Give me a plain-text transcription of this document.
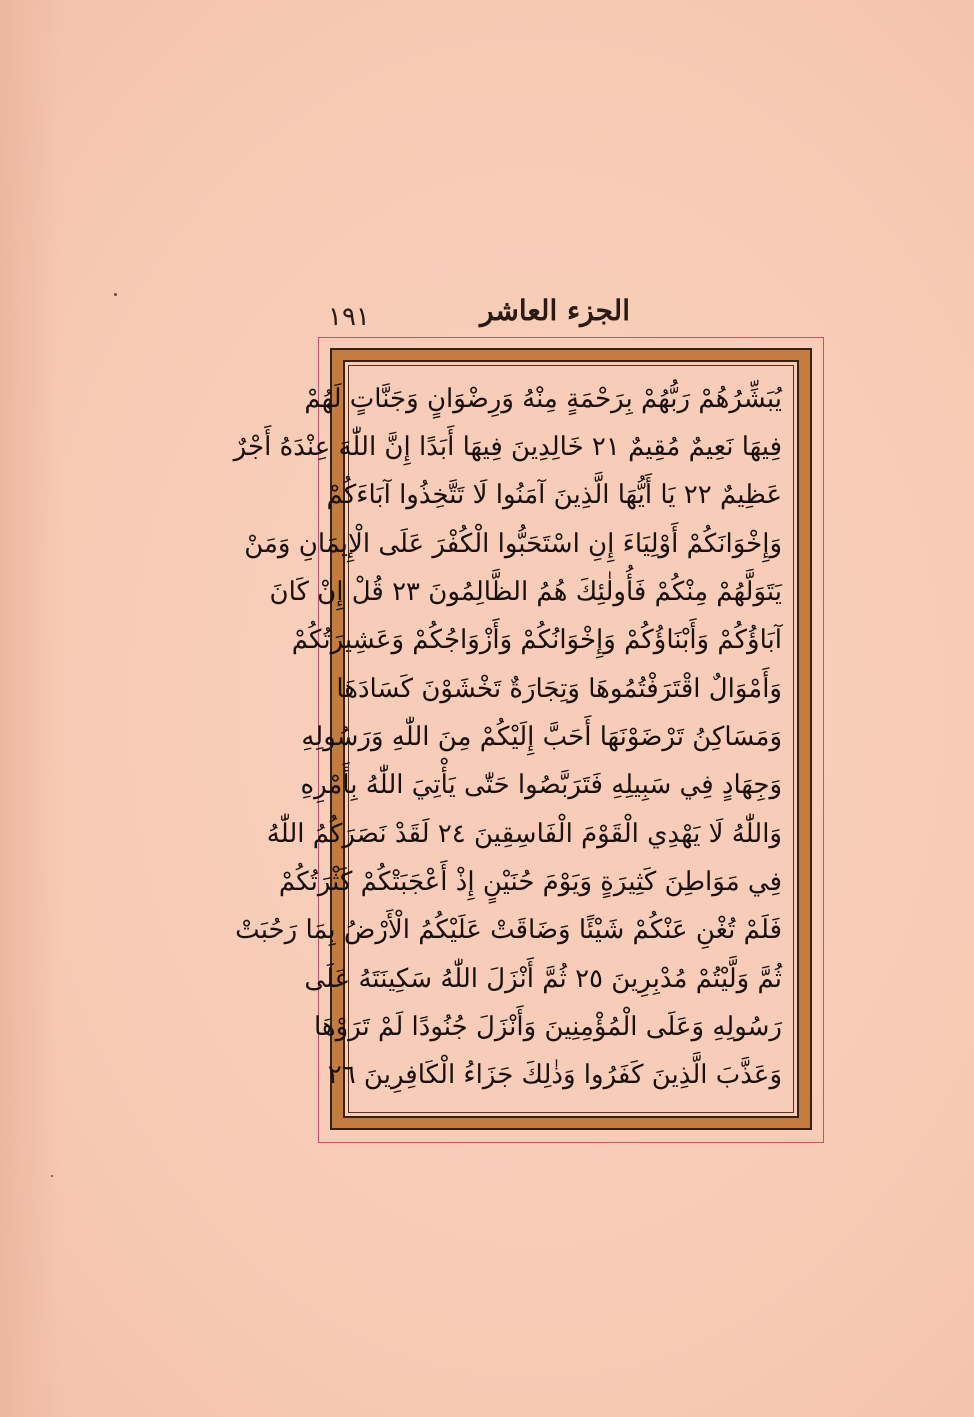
١٩١	الجزء العاشر
يُبَشِّرُهُمْ رَبُّهُمْ بِرَحْمَةٍ مِنْهُ وَرِضْوَانٍ وَجَنَّاتٍ لَهُمْ
فِيهَا نَعِيمٌ مُقِيمٌ ٢١ خَالِدِينَ فِيهَا أَبَدًا إِنَّ اللّٰهَ عِنْدَهُ أَجْرٌ
عَظِيمٌ ٢٢ يَا أَيُّهَا الَّذِينَ آمَنُوا لَا تَتَّخِذُوا آبَاءَكُمْ
وَإِخْوَانَكُمْ أَوْلِيَاءَ إِنِ اسْتَحَبُّوا الْكُفْرَ عَلَى الْإِيمَانِ وَمَنْ
يَتَوَلَّهُمْ مِنْكُمْ فَأُولٰئِكَ هُمُ الظَّالِمُونَ ٢٣ قُلْ إِنْ كَانَ
آبَاؤُكُمْ وَأَبْنَاؤُكُمْ وَإِخْوَانُكُمْ وَأَزْوَاجُكُمْ وَعَشِيرَتُكُمْ
وَأَمْوَالٌ اقْتَرَفْتُمُوهَا وَتِجَارَةٌ تَخْشَوْنَ كَسَادَهَا
وَمَسَاكِنُ تَرْضَوْنَهَا أَحَبَّ إِلَيْكُمْ مِنَ اللّٰهِ وَرَسُولِهِ
وَجِهَادٍ فِي سَبِيلِهِ فَتَرَبَّصُوا حَتّٰى يَأْتِيَ اللّٰهُ بِأَمْرِهِ
وَاللّٰهُ لَا يَهْدِي الْقَوْمَ الْفَاسِقِينَ ٢٤ لَقَدْ نَصَرَكُمُ اللّٰهُ
فِي مَوَاطِنَ كَثِيرَةٍ وَيَوْمَ حُنَيْنٍ إِذْ أَعْجَبَتْكُمْ كَثْرَتُكُمْ
فَلَمْ تُغْنِ عَنْكُمْ شَيْئًا وَضَاقَتْ عَلَيْكُمُ الْأَرْضُ بِمَا رَحُبَتْ
ثُمَّ وَلَّيْتُمْ مُدْبِرِينَ ٢٥ ثُمَّ أَنْزَلَ اللّٰهُ سَكِينَتَهُ عَلَى
رَسُولِهِ وَعَلَى الْمُؤْمِنِينَ وَأَنْزَلَ جُنُودًا لَمْ تَرَوْهَا
وَعَذَّبَ الَّذِينَ كَفَرُوا وَذٰلِكَ جَزَاءُ الْكَافِرِينَ ٢٦
